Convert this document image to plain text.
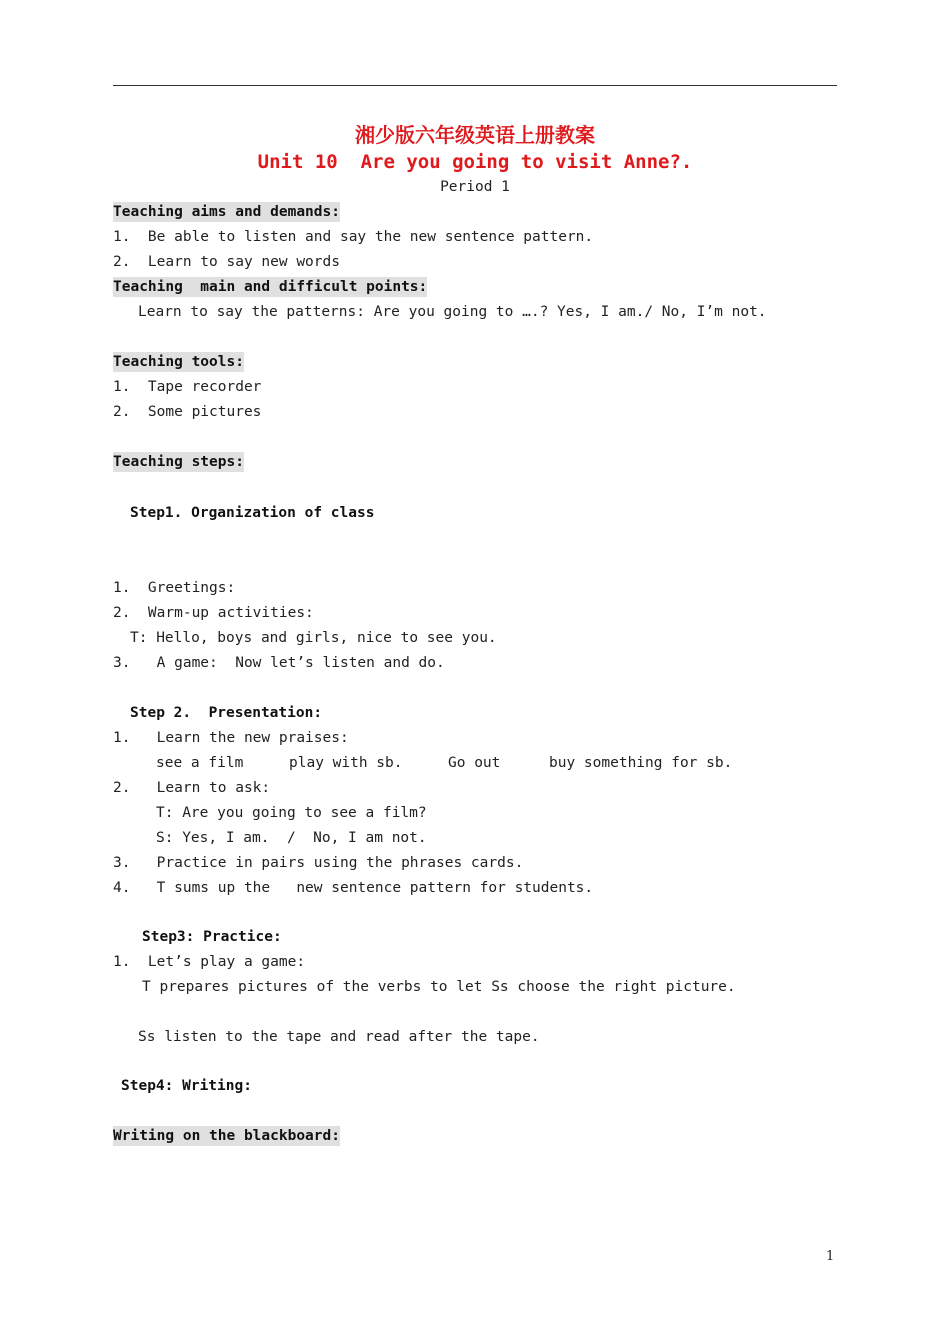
湘少版六年级英语上册教案
Unit 10  Are you going to visit Anne?.
Period 1
Teaching aims and demands:
1.  Be able to listen and say the new sentence pattern.
2.  Learn to say new words
Teaching  main and difficult points:
Learn to say the patterns: Are you going to ….? Yes, I am./ No, I’m not.
Teaching tools:
1.  Tape recorder
2.  Some pictures
Teaching steps:
Step1. Organization of class
1.  Greetings:
2.  Warm-up activities:
T: Hello, boys and girls, nice to see you.
3.   A game:  Now let’s listen and do.
Step 2.  Presentation:
1.   Learn the new praises:
see a film	play with sb.	Go out	buy something for sb.
2.   Learn to ask:
T: Are you going to see a film?
S: Yes, I am.  /  No, I am not.
3.   Practice in pairs using the phrases cards.
4.   T sums up the   new sentence pattern for students.
Step3: Practice:
1.  Let’s play a game:
T prepares pictures of the verbs to let Ss choose the right picture.
Ss listen to the tape and read after the tape.
Step4: Writing:
Writing on the blackboard:
1
